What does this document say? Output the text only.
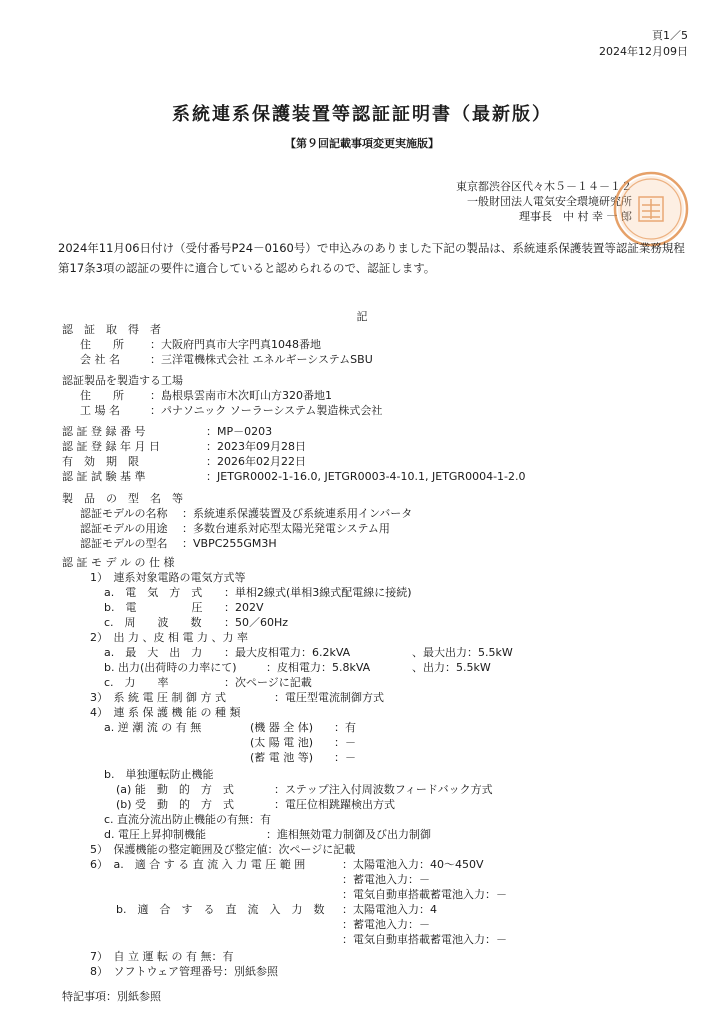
頁1／5
2024年12月09日
系統連系保護装置等認証証明書（最新版）
【第９回記載事項変更実施版】
東京都渋谷区代々木５－１４－１２
一般財団法人電気安全環境研究所
理事長　中 村 幸 一 郎
2024年11月06日付け（受付番号P24－0160号）で申込みのありました下記の製品は、系統連系保護装置等認証業務規程第17条3項の認証の要件に適合していると認められるので、認証します。
記
認　証　取　得　者
住　　所 ：大阪府門真市大字門真1048番地
会 社 名	：三洋電機株式会社 エネルギーシステムSBU
認証製品を製造する工場
住　　所 ：島根県雲南市木次町山方320番地1
工 場 名	：パナソニック ソーラーシステム製造株式会社
認 証 登 録 番 号	：MP－0203
認 証 登 録 年 月 日	：2023年09月28日
有　効　期　限	：2026年02月22日
認 証 試 験 基 準	：JETGR0002-1-16.0, JETGR0003-4-10.1, JETGR0004-1-2.0
製　品　の　型　名　等
認証モデルの名称 ：系統連系保護装置及び系統連系用インバータ
認証モデルの用途 ：多数台連系対応型太陽光発電システム用
認証モデルの型名 ：VBPC255GM3H
認 証 モ デ ル の 仕 様
1）　連系対象電路の電気方式等
a.　電　気　方　式 ：単相2線式(単相3線式配電線に接続)
b.　電　　　　　圧 ：202V
c.　周　　波　　数 ：50／60Hz
2）　出 力 、皮 相 電 力 、力 率
a.　最　大　出　力 ：最大皮相電力：6.2kVA	、最大出力：5.5kW
b. 出力(出荷時の力率にて)	：皮相電力：5.8kVA	、出力：5.5kW
c.　力　　率	：次ページに記載
3）　系 統 電 圧 制 御 方 式	：電圧型電流制御方式
4）　連 系 保 護 機 能 の 種 類
a. 逆 潮 流 の 有 無	(機 器 全 体) ：有
(太 陽 電 池) ：－
(蓄 電 池 等) ：－
b.　単独運転防止機能
(a) 能　動　的　方　式	：ステップ注入付周波数フィードバック方式
(b) 受　動　的　方　式	：電圧位相跳躍検出方式
c. 直流分流出防止機能の有無：有
d. 電圧上昇抑制機能	：進相無効電力制御及び出力制御
5）　保護機能の整定範囲及び整定値：次ページに記載
6）　a.　適 合 す る 直 流 入 力 電 圧 範 囲	：太陽電池入力：40～450V
：蓄電池入力：－
：電気自動車搭載蓄電池入力：－
b.　適　合　す　る　直　流　入　力　数 ：太陽電池入力：4
：蓄電池入力：－
：電気自動車搭載蓄電池入力：－
7）　自 立 運 転 の 有 無：有
8）　ソフトウェア管理番号：別紙参照
特記事項：別紙参照
